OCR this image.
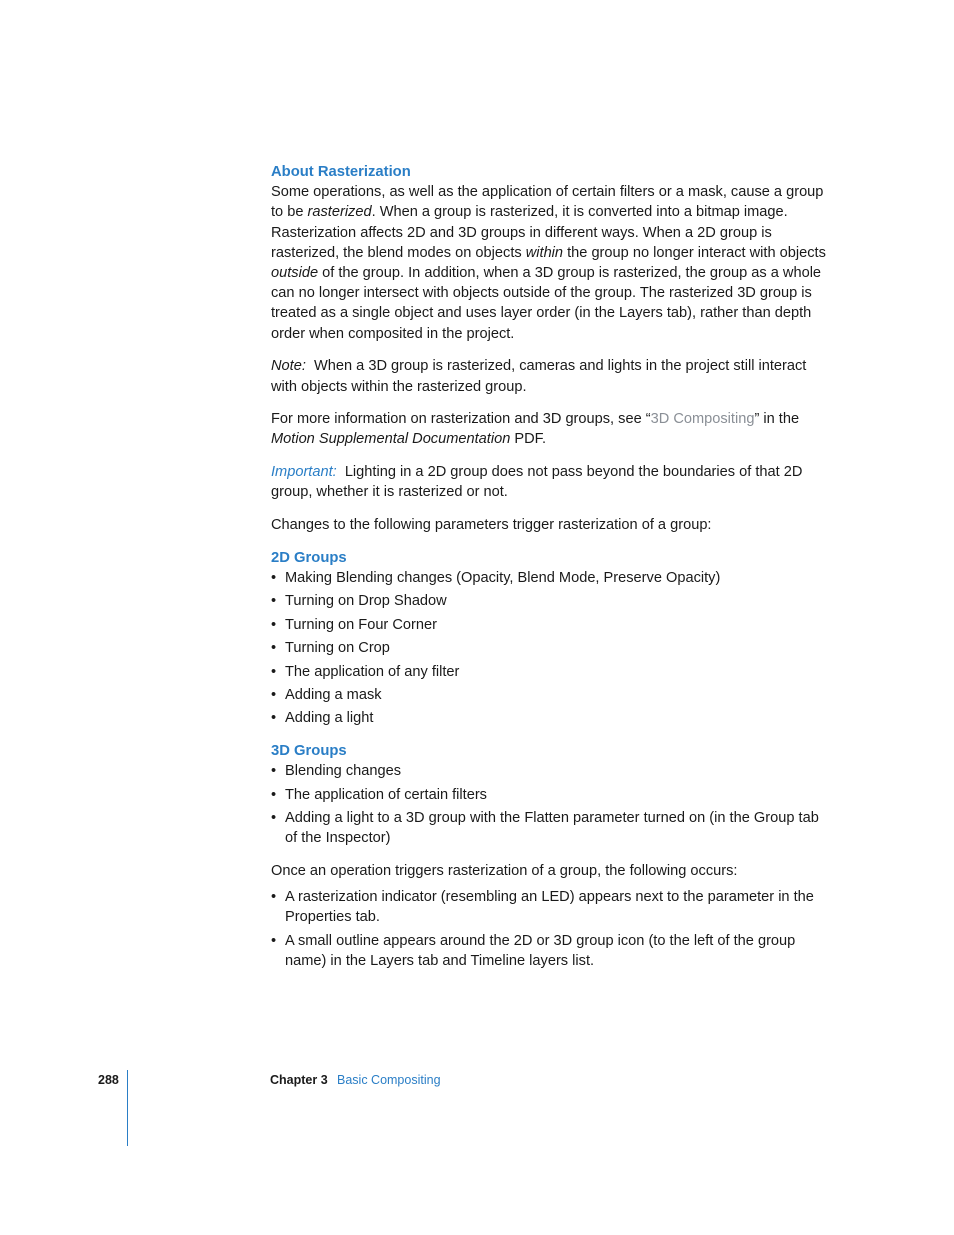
About Rasterization

Some operations, as well as the application of certain filters or a mask, cause a group to be rasterized. When a group is rasterized, it is converted into a bitmap image. Rasterization affects 2D and 3D groups in different ways. When a 2D group is rasterized, the blend modes on objects within the group no longer interact with objects outside of the group. In addition, when a 3D group is rasterized, the group as a whole can no longer intersect with objects outside of the group. The rasterized 3D group is treated as a single object and uses layer order (in the Layers tab), rather than depth order when composited in the project.

Note: When a 3D group is rasterized, cameras and lights in the project still interact with objects within the rasterized group.

For more information on rasterization and 3D groups, see “3D Compositing” in the Motion Supplemental Documentation PDF.

Important: Lighting in a 2D group does not pass beyond the boundaries of that 2D group, whether it is rasterized or not.

Changes to the following parameters trigger rasterization of a group:

2D Groups
• Making Blending changes (Opacity, Blend Mode, Preserve Opacity)
• Turning on Drop Shadow
• Turning on Four Corner
• Turning on Crop
• The application of any filter
• Adding a mask
• Adding a light
3D Groups
• Blending changes
• The application of certain filters
• Adding a light to a 3D group with the Flatten parameter turned on (in the Group tab of the Inspector)

Once an operation triggers rasterization of a group, the following occurs:

• A rasterization indicator (resembling an LED) appears next to the parameter in the Properties tab.
• A small outline appears around the 2D or 3D group icon (to the left of the group name) in the Layers tab and Timeline layers list.
288	Chapter 3 Basic Compositing
